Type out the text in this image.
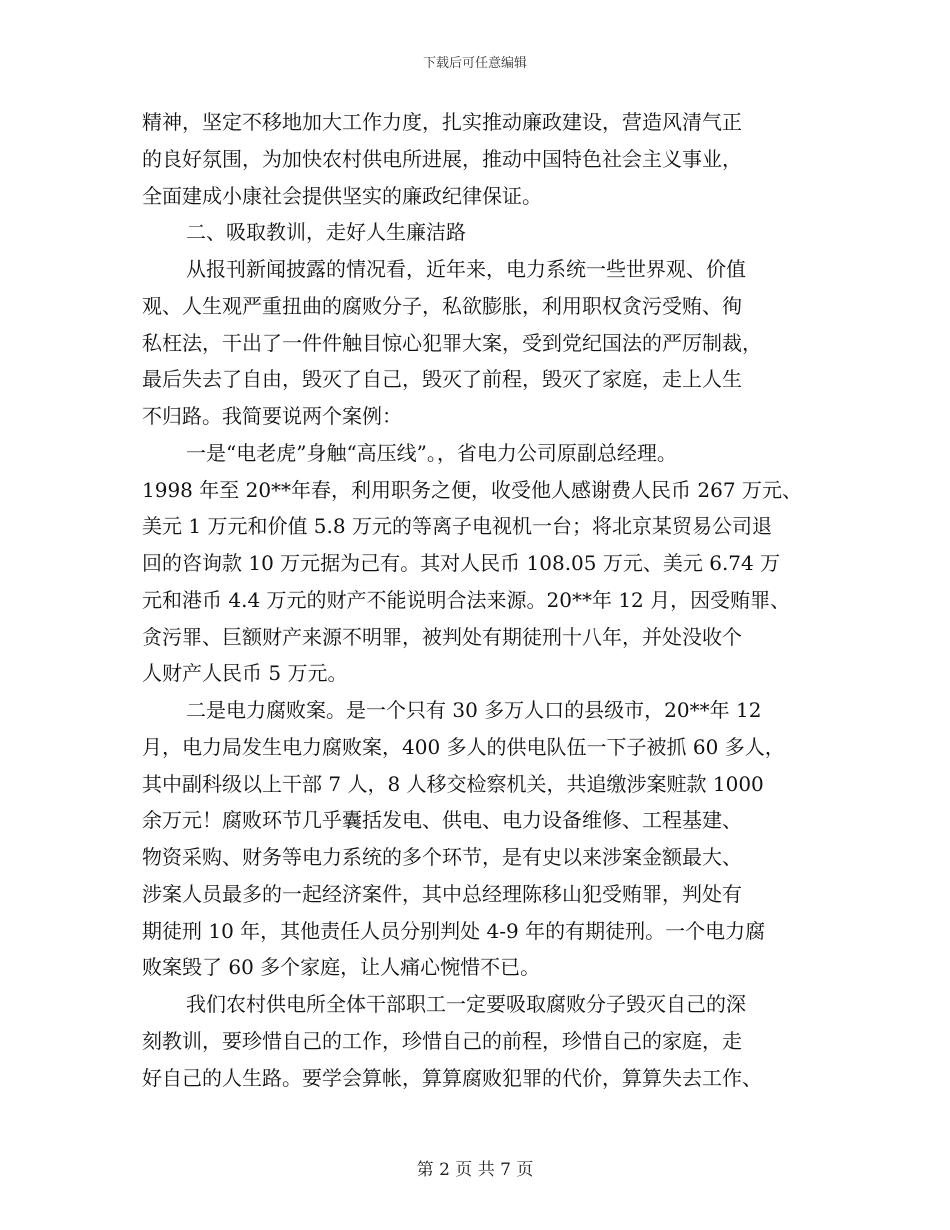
下载后可任意编辑
精神，坚定不移地加大工作力度，扎实推动廉政建设，营造风清气正
的良好氛围，为加快农村供电所进展，推动中国特色社会主义事业，
全面建成小康社会提供坚实的廉政纪律保证。
二、吸取教训，走好人生廉洁路
从报刊新闻披露的情况看，近年来，电力系统一些世界观、价值
观、人生观严重扭曲的腐败分子，私欲膨胀，利用职权贪污受贿、徇
私枉法，干出了一件件触目惊心犯罪大案，受到党纪国法的严厉制裁，
最后失去了自由，毁灭了自己，毁灭了前程，毁灭了家庭，走上人生
不归路。我简要说两个案例：
一是“电老虎”身触“高压线”。，省电力公司原副总经理。
1998 年至 20**年春，利用职务之便，收受他人感谢费人民币 267 万元、
美元 1 万元和价值 5.8 万元的等离子电视机一台；将北京某贸易公司退
回的咨询款 10 万元据为己有。其对人民币 108.05 万元、美元 6.74 万
元和港币 4.4 万元的财产不能说明合法来源。20**年 12 月，因受贿罪、
贪污罪、巨额财产来源不明罪，被判处有期徒刑十八年，并处没收个
人财产人民币 5 万元。
二是电力腐败案。是一个只有 30 多万人口的县级市，20**年 12
月，电力局发生电力腐败案，400 多人的供电队伍一下子被抓 60 多人，
其中副科级以上干部 7 人，8 人移交检察机关，共追缴涉案赃款 1000
余万元！腐败环节几乎囊括发电、供电、电力设备维修、工程基建、
物资采购、财务等电力系统的多个环节，是有史以来涉案金额最大、
涉案人员最多的一起经济案件，其中总经理陈移山犯受贿罪，判处有
期徒刑 10 年，其他责任人员分别判处 4-9 年的有期徒刑。一个电力腐
败案毁了 60 多个家庭，让人痛心惋惜不已。
我们农村供电所全体干部职工一定要吸取腐败分子毁灭自己的深
刻教训，要珍惜自己的工作，珍惜自己的前程，珍惜自己的家庭，走
好自己的人生路。要学会算帐，算算腐败犯罪的代价，算算失去工作、
第 2 页 共 7 页
